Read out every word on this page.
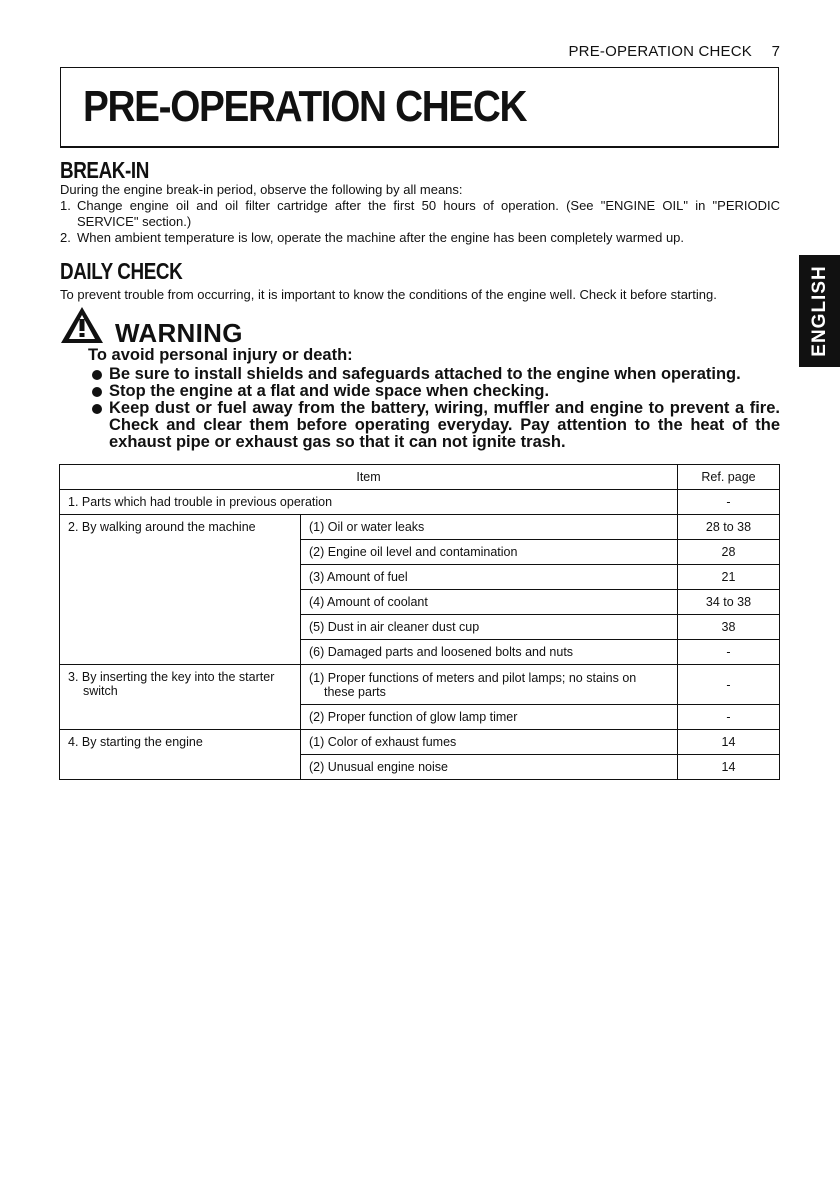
PRE-OPERATION CHECK 7
PRE-OPERATION CHECK
ENGLISH
BREAK-IN
During the engine break-in period, observe the following by all means:
1. Change engine oil and oil filter cartridge after the first 50 hours of operation. (See "ENGINE OIL" in "PERIODIC SERVICE" section.)
2. When ambient temperature is low, operate the machine after the engine has been completely warmed up.
DAILY CHECK
To prevent trouble from occurring, it is important to know the conditions of the engine well. Check it before starting.
WARNING
To avoid personal injury or death:
Be sure to install shields and safeguards attached to the engine when operating.
Stop the engine at a flat and wide space when checking.
Keep dust or fuel away from the battery, wiring, muffler and engine to prevent a fire. Check and clear them before operating everyday. Pay attention to the heat of the exhaust pipe or exhaust gas so that it can not ignite trash.
Item		Ref. page
1. Parts which had trouble in previous operation		-
2. By walking around the machine	(1) Oil or water leaks	28 to 38
	(2) Engine oil level and contamination	28
	(3) Amount of fuel	21
	(4) Amount of coolant	34 to 38
	(5) Dust in air cleaner dust cup	38
	(6) Damaged parts and loosened bolts and nuts	-

3. By inserting the key into the starter switch	(1) Proper functions of meters and pilot lamps; no stains on these parts	-
	(2) Proper function of glow lamp timer	-
4. By starting the engine	(1) Color of exhaust fumes	14
	(2) Unusual engine noise	14
